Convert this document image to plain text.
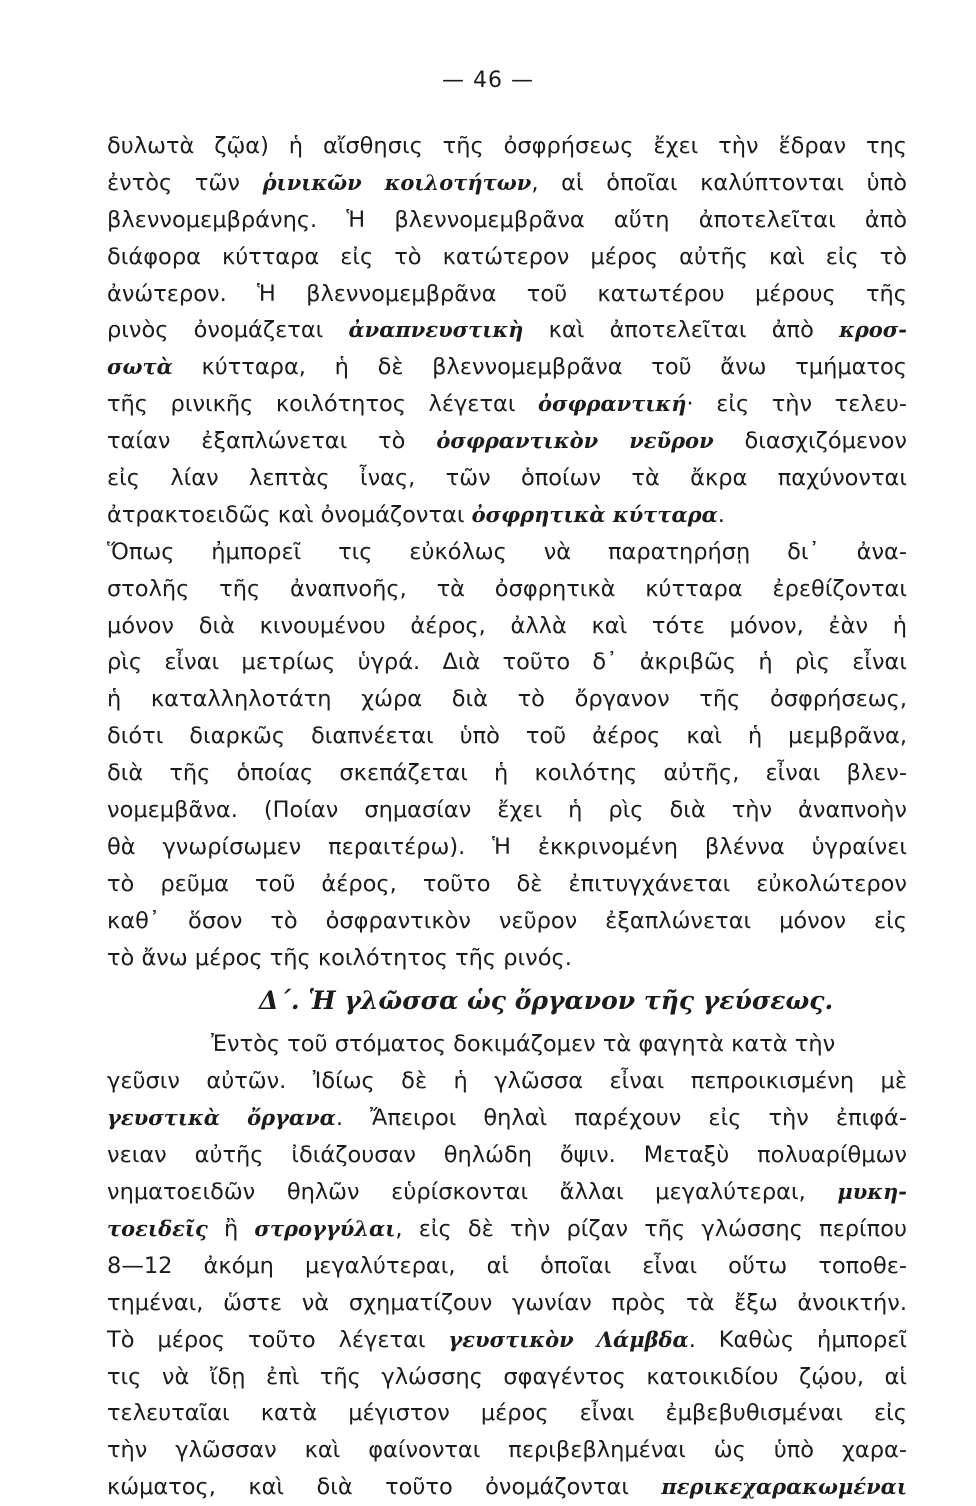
— 46 —
δυλωτὰ ζῷα) ἡ αἴσθησις τῆς ὀσφρήσεως ἔχει τὴν ἕδραν της
ἐντὸς τῶν ῥινικῶν κοιλοτήτων, αἱ ὁποῖαι καλύπτονται ὑπὸ
βλεννομεμβράνης. Ἡ βλεννομεμβρᾶνα αὕτη ἀποτελεῖται ἀπὸ
διάφορα κύτταρα εἰς τὸ κατώτερον μέρος αὐτῆς καὶ εἰς τὸ
ἀνώτερον. Ἡ βλεννομεμβρᾶνα τοῦ κατωτέρου μέρους τῆς
ρινὸς ὀνομάζεται ἀναπνευστικὴ καὶ ἀποτελεῖται ἀπὸ κροσ-
σωτὰ κύτταρα, ἡ δὲ βλεννομεμβρᾶνα τοῦ ἄνω τμήματος
τῆς ρινικῆς κοιλότητος λέγεται ὀσφραντική· εἰς τὴν τελευ-
ταίαν ἐξαπλώνεται τὸ ὀσφραντικὸν νεῦρον διασχιζόμενον
εἰς λίαν λεπτὰς ἶνας, τῶν ὁποίων τὰ ἄκρα παχύνονται
ἀτρακτοειδῶς καὶ ὀνομάζονται ὀσφρητικὰ κύτταρα.
Ὅπως ἠμπορεῖ τις εὐκόλως νὰ παρατηρήσῃ δι᾽ ἀνα-
στολῆς τῆς ἀναπνοῆς, τὰ ὀσφρητικὰ κύτταρα ἐρεθίζονται
μόνον διὰ κινουμένου ἀέρος, ἀλλὰ καὶ τότε μόνον, ἐὰν ἡ
ρὶς εἶναι μετρίως ὑγρά. Διὰ τοῦτο δ᾽ ἀκριβῶς ἡ ρὶς εἶναι
ἡ καταλληλοτάτη χώρα διὰ τὸ ὄργανον τῆς ὀσφρήσεως,
διότι διαρκῶς διαπνέεται ὑπὸ τοῦ ἀέρος καὶ ἡ μεμβρᾶνα,
διὰ τῆς ὁποίας σκεπάζεται ἡ κοιλότης αὐτῆς, εἶναι βλεν-
νομεμβᾶνα. (Ποίαν σημασίαν ἔχει ἡ ρὶς διὰ τὴν ἀναπνοὴν
θὰ γνωρίσωμεν περαιτέρω). Ἡ ἐκκρινομένη βλέννα ὑγραίνει
τὸ ρεῦμα τοῦ ἀέρος, τοῦτο δὲ ἐπιτυγχάνεται εὐκολώτερον
καθ᾽ ὅσον τὸ ὀσφραντικὸν νεῦρον ἐξαπλώνεται μόνον εἰς
τὸ ἄνω μέρος τῆς κοιλότητος τῆς ρινός.
Δ΄. Ἡ γλῶσσα ὡς ὄργανον τῆς γεύσεως.
Ἐντὸς τοῦ στόματος δοκιμάζομεν τὰ φαγητὰ κατὰ τὴν
γεῦσιν αὐτῶν. Ἰδίως δὲ ἡ γλῶσσα εἶναι πεπροικισμένη μὲ
γευστικὰ ὄργανα. Ἄπειροι θηλαὶ παρέχουν εἰς τὴν ἐπιφά-
νειαν αὐτῆς ἰδιάζουσαν θηλώδη ὄψιν. Μεταξὺ πολυαρίθμων
νηματοειδῶν θηλῶν εὑρίσκονται ἄλλαι μεγαλύτεραι, μυκη-
τοειδεῖς ἢ στρογγύλαι, εἰς δὲ τὴν ρίζαν τῆς γλώσσης περίπου
8—12 ἀκόμη μεγαλύτεραι, αἱ ὁποῖαι εἶναι οὕτω τοποθε-
τημέναι, ὥστε νὰ σχηματίζουν γωνίαν πρὸς τὰ ἔξω ἀνοικτήν.
Τὸ μέρος τοῦτο λέγεται γευστικὸν Λάμβδα. Καθὼς ἠμπορεῖ
τις νὰ ἴδῃ ἐπὶ τῆς γλώσσης σφαγέντος κατοικιδίου ζῴου, αἱ
τελευταῖαι κατὰ μέγιστον μέρος εἶναι ἐμβεβυθισμέναι εἰς
τὴν γλῶσσαν καὶ φαίνονται περιβεβλημέναι ὡς ὑπὸ χαρα-
κώματος, καὶ διὰ τοῦτο ὀνομάζονται περικεχαρακωμέναι
